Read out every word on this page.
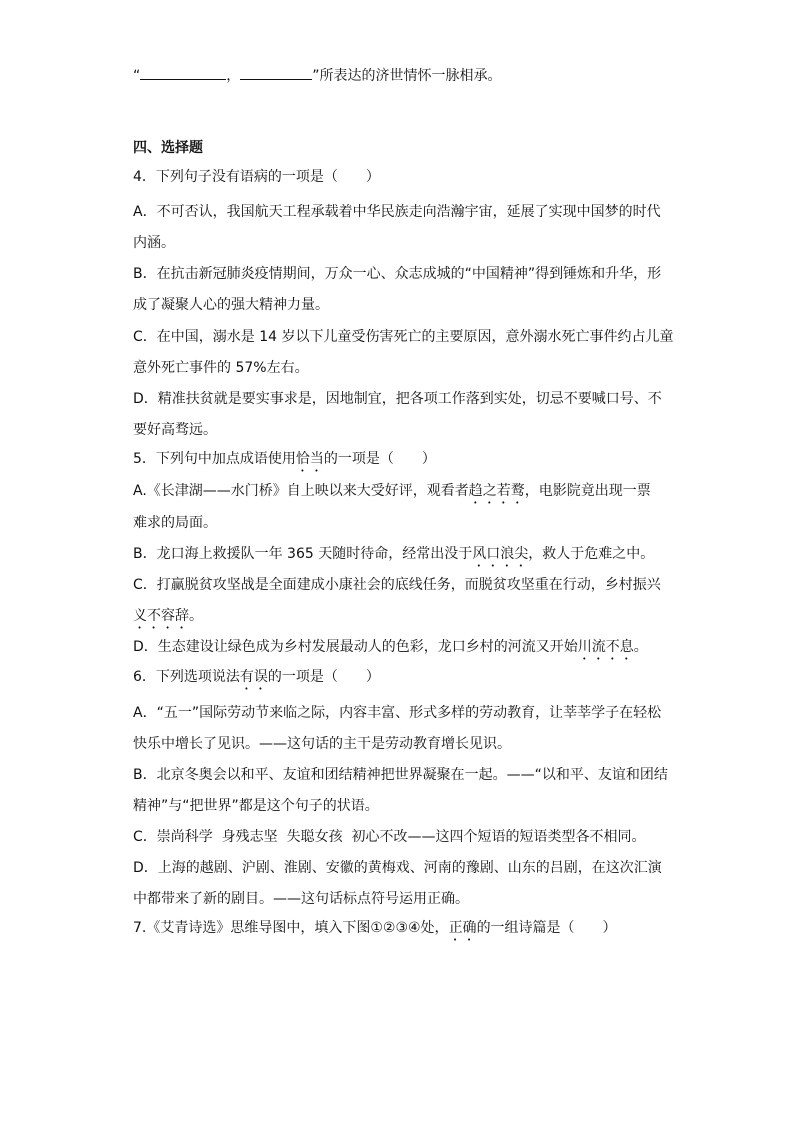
“	，	”所表达的济世情怀一脉相承。
四、选择题
4．下列句子没有语病的一项是（　　）
A．不可否认，我国航天工程承载着中华民族走向浩瀚宇宙，延展了实现中国梦的时代
内涵。
B．在抗击新冠肺炎疫情期间，万众一心、众志成城的“中国精神”得到锤炼和升华，形
成了凝聚人心的强大精神力量。
C．在中国，溺水是 14 岁以下儿童受伤害死亡的主要原因，意外溺水死亡事件约占儿童
意外死亡事件的 57%左右。
D．精准扶贫就是要实事求是，因地制宜，把各项工作落到实处，切忌不要喊口号、不
要好高骛远。
5．下列句中加点成语使用恰当的一项是（　　）
A.《长津湖——水门桥》自上映以来大受好评，观看者趋之若鹜，电影院竟出现一票
难求的局面。
B．龙口海上救援队一年 365 天随时待命，经常出没于风口浪尖，救人于危难之中。
C．打赢脱贫攻坚战是全面建成小康社会的底线任务，而脱贫攻坚重在行动，乡村振兴
义不容辞。
D．生态建设让绿色成为乡村发展最动人的色彩，龙口乡村的河流又开始川流不息。
6．下列选项说法有误的一项是（　　）
A．“五一”国际劳动节来临之际，内容丰富、形式多样的劳动教育，让莘莘学子在轻松
快乐中增长了见识。——这句话的主干是劳动教育增长见识。
B．北京冬奥会以和平、友谊和团结精神把世界凝聚在一起。——“以和平、友谊和团结
精神”与“把世界”都是这个句子的状语。
C．崇尚科学  身残志坚  失聪女孩  初心不改——这四个短语的短语类型各不相同。
D．上海的越剧、沪剧、淮剧、安徽的黄梅戏、河南的豫剧、山东的吕剧，在这次汇演
中都带来了新的剧目。——这句话标点符号运用正确。
7.《艾青诗选》思维导图中，填入下图①②③④处，正确的一组诗篇是（　　）
